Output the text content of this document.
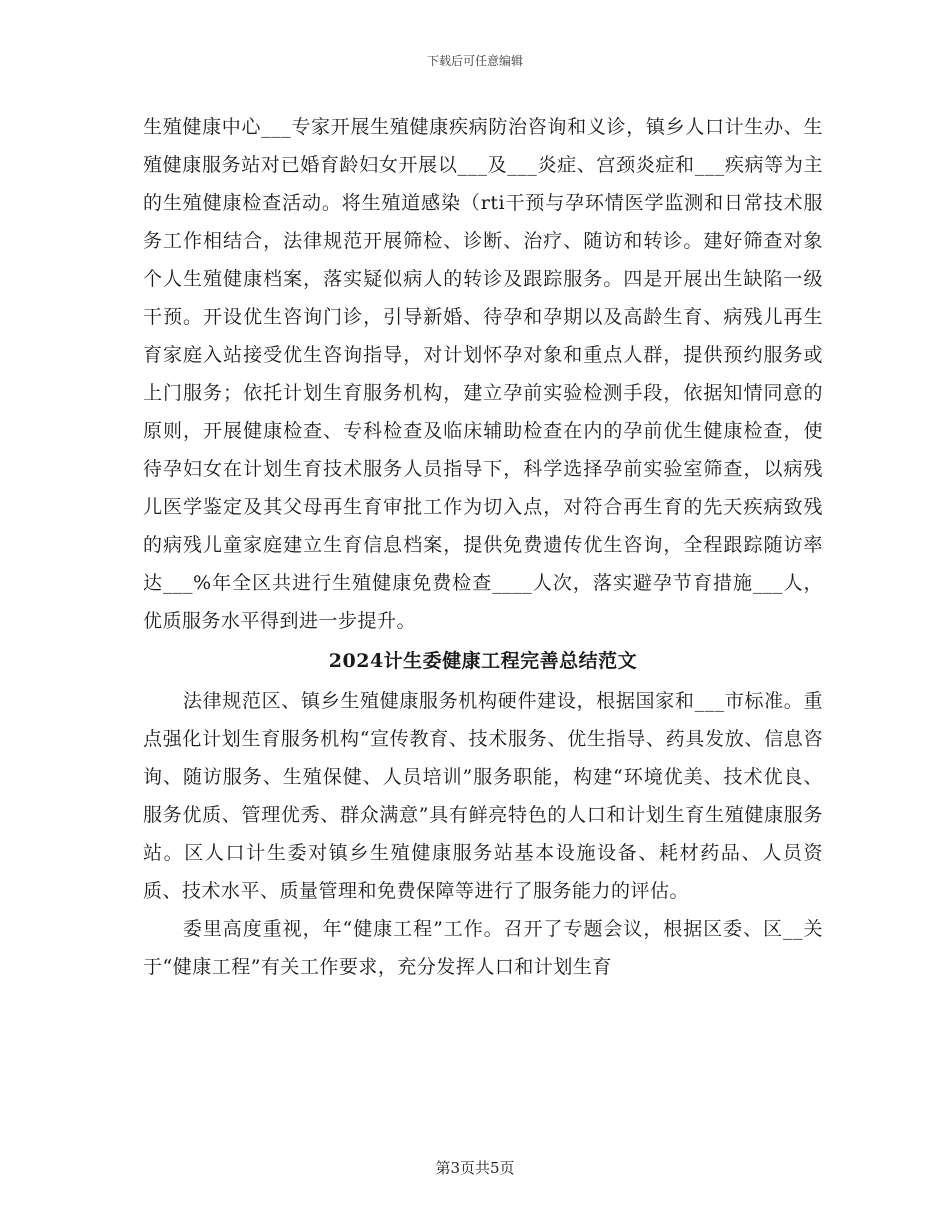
下载后可任意编辑

生殖健康中心___专家开展生殖健康疾病防治咨询和义诊，镇乡人口计生办、生殖健康服务站对已婚育龄妇女开展以___及___炎症、宫颈炎症和___疾病等为主的生殖健康检查活动。将生殖道感染（rti干预与孕环情医学监测和日常技术服务工作相结合，法律规范开展筛检、诊断、治疗、随访和转诊。建好筛查对象个人生殖健康档案，落实疑似病人的转诊及跟踪服务。四是开展出生缺陷一级干预。开设优生咨询门诊，引导新婚、待孕和孕期以及高龄生育、病残儿再生育家庭入站接受优生咨询指导，对计划怀孕对象和重点人群，提供预约服务或上门服务；依托计划生育服务机构，建立孕前实验检测手段，依据知情同意的原则，开展健康检查、专科检查及临床辅助检查在内的孕前优生健康检查，使待孕妇女在计划生育技术服务人员指导下，科学选择孕前实验室筛查，以病残儿医学鉴定及其父母再生育审批工作为切入点，对符合再生育的先天疾病致残的病残儿童家庭建立生育信息档案，提供免费遗传优生咨询，全程跟踪随访率达___%年全区共进行生殖健康免费检查____人次，落实避孕节育措施___人，优质服务水平得到进一步提升。

2024计生委健康工程完善总结范文

法律规范区、镇乡生殖健康服务机构硬件建设，根据国家和___市标准。重点强化计划生育服务机构“宣传教育、技术服务、优生指导、药具发放、信息咨询、随访服务、生殖保健、人员培训”服务职能，构建“环境优美、技术优良、服务优质、管理优秀、群众满意”具有鲜亮特色的人口和计划生育生殖健康服务站。区人口计生委对镇乡生殖健康服务站基本设施设备、耗材药品、人员资质、技术水平、质量管理和免费保障等进行了服务能力的评估。

委里高度重视，年“健康工程”工作。召开了专题会议，根据区委、区__关于“健康工程”有关工作要求，充分发挥人口和计划生育

第3页共5页
